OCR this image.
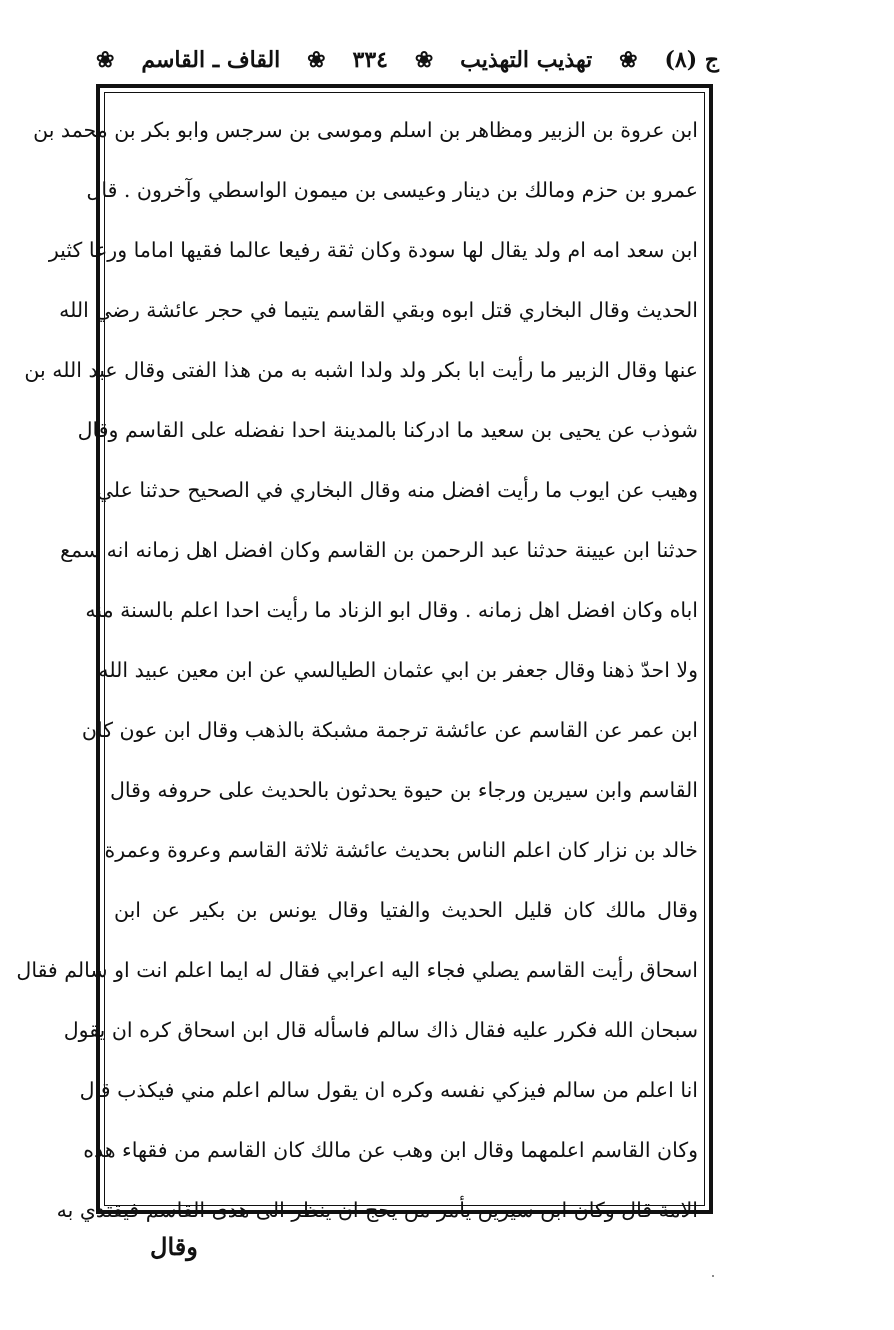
ج (٨)
❀
تهذيب التهذيب
❀
٣٣٤
❀
القاف ـ القاسم
❀
ابن عروة بن الزبير ومظاهر بن اسلم وموسى بن سرجس وابو بكر بن محمد بن
عمرو بن حزم ومالك بن دينار وعيسى بن ميمون الواسطي وآخرون . قال
ابن سعد امه ام ولد يقال لها سودة وكان ثقة رفيعا عالما فقيها اماما ورعا كثير
الحديث وقال البخاري قتل ابوه وبقي القاسم يتيما في حجر عائشة رضي الله
عنها وقال الزبير ما رأيت ابا بكر ولد ولدا اشبه به من هذا الفتى وقال عبد الله بن
شوذب عن يحيى بن سعيد ما ادركنا بالمدينة احدا نفضله على القاسم وقال
وهيب عن ايوب ما رأيت افضل منه وقال البخاري في الصحيح حدثنا علي
حدثنا ابن عيينة حدثنا عبد الرحمن بن القاسم وكان افضل اهل زمانه انه سمع
اباه وكان افضل اهل زمانه . وقال ابو الزناد ما رأيت احدا اعلم بالسنة منه
ولا احدّ ذهنا وقال جعفر بن ابي عثمان الطيالسي عن ابن معين عبيد الله
ابن عمر عن القاسم عن عائشة ترجمة مشبكة بالذهب وقال ابن عون كان
القاسم وابن سيرين ورجاء بن حيوة يحدثون بالحديث على حروفه وقال
خالد بن نزار كان اعلم الناس بحديث عائشة ثلاثة القاسم وعروة وعمرة
وقال مالك كان قليل الحديث والفتيا وقال يونس بن بكير عن ابن
اسحاق رأيت القاسم يصلي فجاء اليه اعرابي فقال له ايما اعلم انت او سالم فقال
سبحان الله فكرر عليه فقال ذاك سالم فاسأله قال ابن اسحاق كره ان يقول
انا اعلم من سالم فيزكي نفسه وكره ان يقول سالم اعلم مني فيكذب قال
وكان القاسم اعلمهما وقال ابن وهب عن مالك كان القاسم من فقهاء هذه
الامة قال وكان ابن سيرين يأمر من يحج ان ينظر الى هدى القاسم فيقتدي به
وقال
